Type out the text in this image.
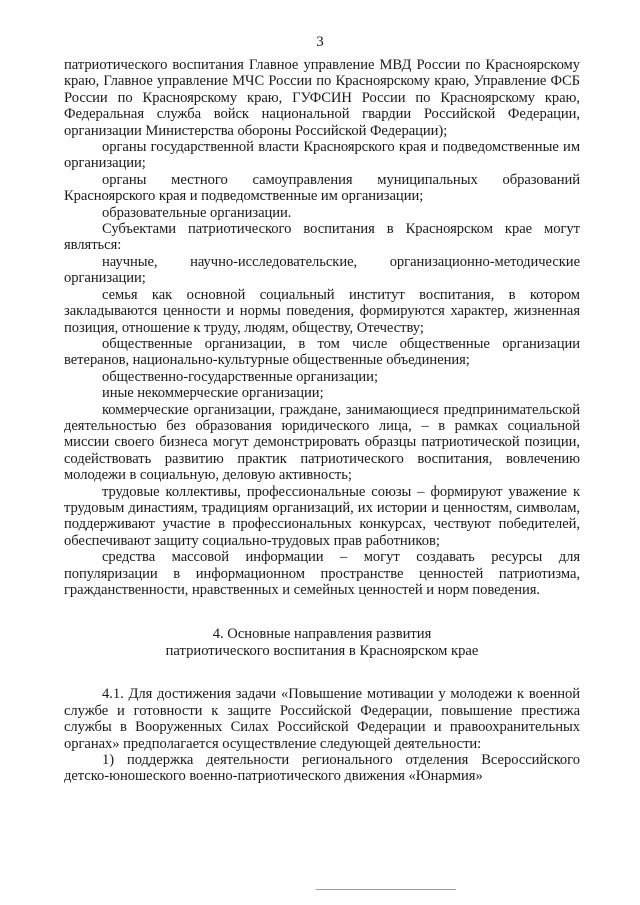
3

патриотического воспитания Главное управление МВД России по Красноярскому краю, Главное управление МЧС России по Красноярскому краю, Управление ФСБ России по Красноярскому краю, ГУФСИН России по Красноярскому краю, Федеральная служба войск национальной гвардии Российской Федерации, организации Министерства обороны Российской Федерации);

органы государственной власти Красноярского края и подведомственные им организации;

органы местного самоуправления муниципальных образований Красноярского края и подведомственные им организации;

образовательные организации.

Субъектами патриотического воспитания в Красноярском крае могут являться:

научные, научно-исследовательские, организационно-методические организации;

семья как основной социальный институт воспитания, в котором закладываются ценности и нормы поведения, формируются характер, жизненная позиция, отношение к труду, людям, обществу, Отечеству;

общественные организации, в том числе общественные организации ветеранов, национально-культурные общественные объединения;

общественно-государственные организации;

иные некоммерческие организации;

коммерческие организации, граждане, занимающиеся предпринимательской деятельностью без образования юридического лица, – в рамках социальной миссии своего бизнеса могут демонстрировать образцы патриотической позиции, содействовать развитию практик патриотического воспитания, вовлечению молодежи в социальную, деловую активность;

трудовые коллективы, профессиональные союзы – формируют уважение к трудовым династиям, традициям организаций, их истории и ценностям, символам, поддерживают участие в профессиональных конкурсах, чествуют победителей, обеспечивают защиту социально-трудовых прав работников;

средства массовой информации – могут создавать ресурсы для популяризации в информационном пространстве ценностей патриотизма, гражданственности, нравственных и семейных ценностей и норм поведения.

4. Основные направления развития

патриотического воспитания в Красноярском крае

4.1. Для достижения задачи «Повышение мотивации у молодежи к военной службе и готовности к защите Российской Федерации, повышение престижа службы в Вооруженных Силах Российской Федерации и правоохранительных органах» предполагается осуществление следующей деятельности:

1) поддержка деятельности регионального отделения Всероссийского детско-юношеского военно-патриотического движения «Юнармия»
